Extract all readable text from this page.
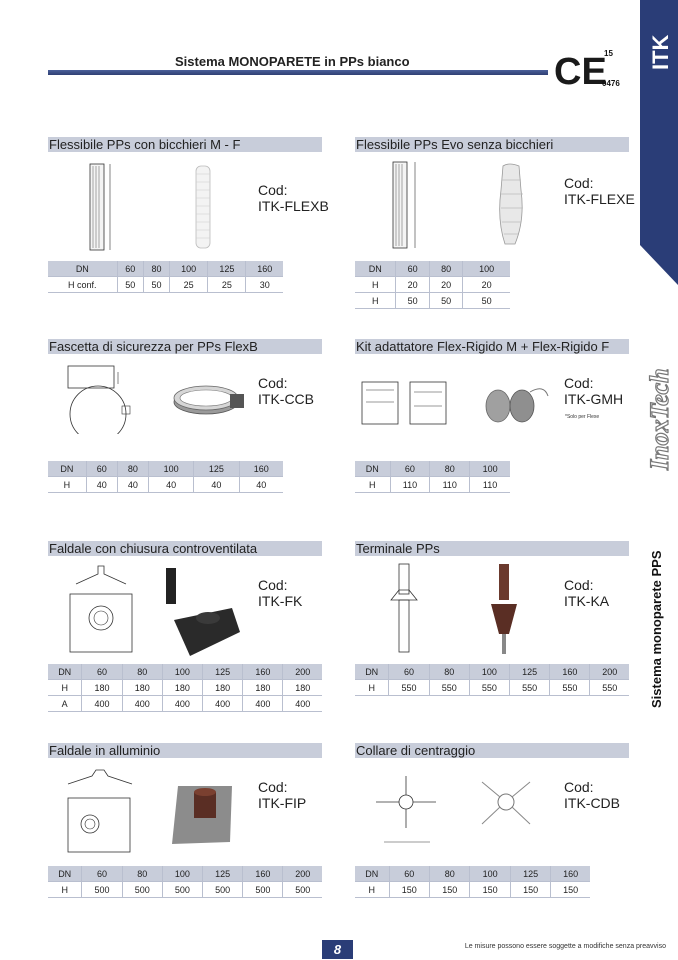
Sistema MONOPARETE in PPs bianco	CE
15
0476
ITK
InoxTech
Sistema monoparete PPS
Flessibile PPs con bicchieri M - F
Cod:
ITK-FLEXB
DN	60	80	100	125	160
H conf.	50	50	25	25	30
Flessibile PPs Evo senza bicchieri
Cod:
ITK-FLEXE
DN	60	80	100
H	20	20	20
H	50	50	50
Fascetta di sicurezza per PPs FlexB
Cod:
ITK-CCB
DN	60	80	100	125	160
H	40	40	40	40	40
Kit adattatore Flex-Rigido M + Flex-Rigido F
Cod:
ITK-GMH
*Solo per Flexe
DN	60	80	100
H	110	110	110
Faldale con chiusura controventilata
Cod:
ITK-FK
DN	60	80	100	125	160	200
H	180	180	180	180	180	180
A	400	400	400	400	400	400
Terminale PPs
Cod:
ITK-KA
DN	60	80	100	125	160	200
H	550	550	550	550	550	550
Faldale in alluminio
Cod:
ITK-FIP
DN	60	80	100	125	160	200
H	500	500	500	500	500	500
Collare di centraggio
Cod:
ITK-CDB
DN	60	80	100	125	160
H	150	150	150	150	150
8	Le misure possono essere soggette a modifiche senza preavviso
